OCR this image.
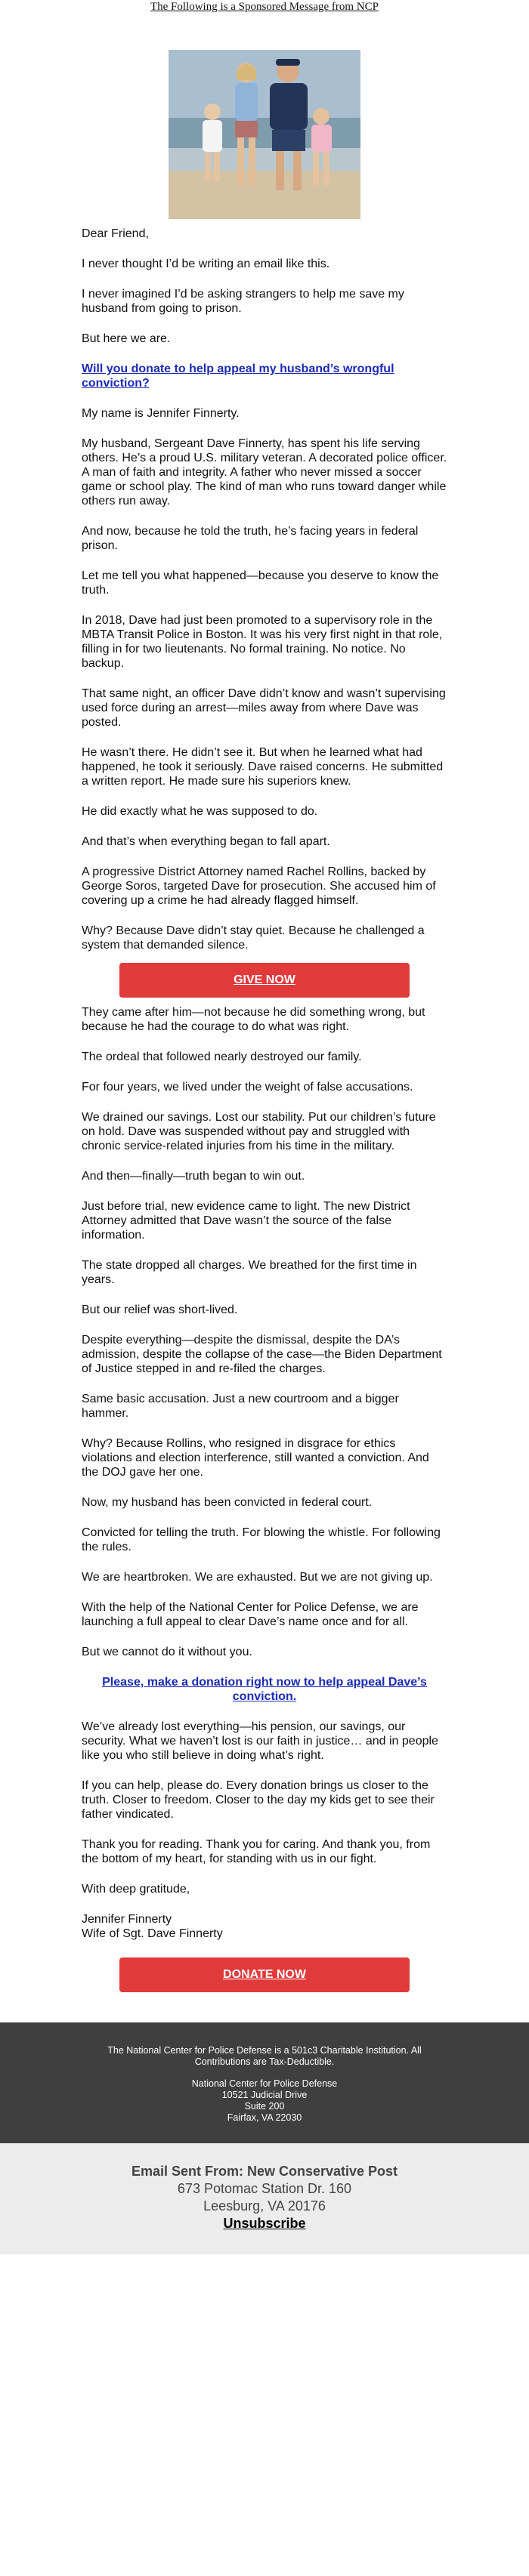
The Following is a Sponsored Message from NCP

Dear Friend,

I never thought I’d be writing an email like this.

I never imagined I’d be asking strangers to help me save my husband from going to prison.

But here we are.

Will you donate to help appeal my husband’s wrongful conviction?

My name is Jennifer Finnerty.

My husband, Sergeant Dave Finnerty, has spent his life serving others. He’s a proud U.S. military veteran. A decorated police officer. A man of faith and integrity. A father who never missed a soccer game or school play. The kind of man who runs toward danger while others run away.

And now, because he told the truth, he’s facing years in federal prison.

Let me tell you what happened—because you deserve to know the truth.

In 2018, Dave had just been promoted to a supervisory role in the MBTA Transit Police in Boston. It was his very first night in that role, filling in for two lieutenants. No formal training. No notice. No backup.

That same night, an officer Dave didn’t know and wasn’t supervising used force during an arrest—miles away from where Dave was posted.

He wasn’t there. He didn’t see it. But when he learned what had happened, he took it seriously. Dave raised concerns. He submitted a written report. He made sure his superiors knew.

He did exactly what he was supposed to do.

And that’s when everything began to fall apart.

A progressive District Attorney named Rachel Rollins, backed by George Soros, targeted Dave for prosecution. She accused him of covering up a crime he had already flagged himself.

Why? Because Dave didn’t stay quiet. Because he challenged a system that demanded silence.

GIVE NOW

They came after him—not because he did something wrong, but because he had the courage to do what was right.

The ordeal that followed nearly destroyed our family.

For four years, we lived under the weight of false accusations.

We drained our savings. Lost our stability. Put our children’s future on hold. Dave was suspended without pay and struggled with chronic service-related injuries from his time in the military.

And then—finally—truth began to win out.

Just before trial, new evidence came to light. The new District Attorney admitted that Dave wasn’t the source of the false information.

The state dropped all charges. We breathed for the first time in years.

But our relief was short-lived.

Despite everything—despite the dismissal, despite the DA’s admission, despite the collapse of the case—the Biden Department of Justice stepped in and re-filed the charges.

Same basic accusation. Just a new courtroom and a bigger hammer.

Why? Because Rollins, who resigned in disgrace for ethics violations and election interference, still wanted a conviction. And the DOJ gave her one.

Now, my husband has been convicted in federal court.

Convicted for telling the truth. For blowing the whistle. For following the rules.

We are heartbroken. We are exhausted. But we are not giving up.

With the help of the National Center for Police Defense, we are launching a full appeal to clear Dave’s name once and for all.

But we cannot do it without you.

Please, make a donation right now to help appeal Dave’s conviction.

We’ve already lost everything—his pension, our savings, our security. What we haven’t lost is our faith in justice… and in people like you who still believe in doing what’s right.

If you can help, please do. Every donation brings us closer to the truth. Closer to freedom. Closer to the day my kids get to see their father vindicated.

Thank you for reading. Thank you for caring. And thank you, from the bottom of my heart, for standing with us in our fight.

With deep gratitude,

Jennifer Finnerty
Wife of Sgt. Dave Finnerty

DONATE NOW

The National Center for Police Defense is a 501c3 Charitable Institution. All Contributions are Tax-Deductible.

National Center for Police Defense
10521 Judicial Drive
Suite 200
Fairfax, VA 22030
Email Sent From: New Conservative Post
673 Potomac Station Dr. 160
Leesburg, VA 20176
Unsubscribe
